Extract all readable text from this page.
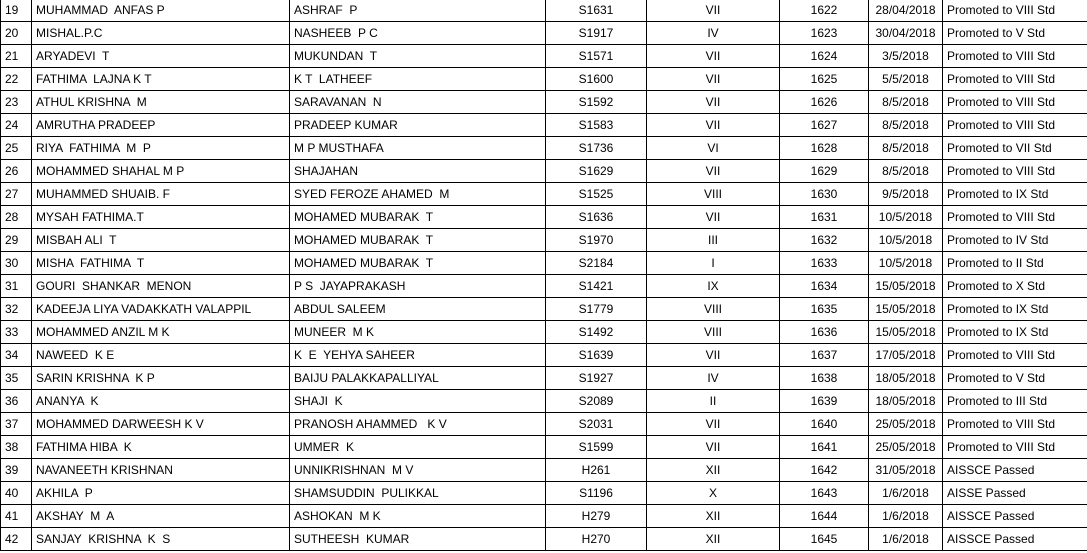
19	MUHAMMAD  ANFAS P	ASHRAF  P	S1631	VII	1622	28/04/2018	Promoted to VIII Std
20	MISHAL.P.C	NASHEEB  P C	S1917	IV	1623	30/04/2018	Promoted to V Std
21	ARYADEVI  T	MUKUNDAN  T	S1571	VII	1624	3/5/2018	Promoted to VIII Std
22	FATHIMA  LAJNA K T	K T  LATHEEF	S1600	VII	1625	5/5/2018	Promoted to VIII Std
23	ATHUL KRISHNA  M	SARAVANAN  N	S1592	VII	1626	8/5/2018	Promoted to VIII Std
24	AMRUTHA PRADEEP	PRADEEP KUMAR	S1583	VII	1627	8/5/2018	Promoted to VIII Std
25	RIYA  FATHIMA  M  P	M P MUSTHAFA	S1736	VI	1628	8/5/2018	Promoted to VII Std
26	MOHAMMED SHAHAL M P	SHAJAHAN	S1629	VII	1629	8/5/2018	Promoted to VIII Std
27	MUHAMMED SHUAIB. F	SYED FEROZE AHAMED  M	S1525	VIII	1630	9/5/2018	Promoted to IX Std
28	MYSAH FATHIMA.T	MOHAMED MUBARAK  T	S1636	VII	1631	10/5/2018	Promoted to VIII Std
29	MISBAH ALI  T	MOHAMED MUBARAK  T	S1970	III	1632	10/5/2018	Promoted to IV Std
30	MISHA  FATHIMA  T	MOHAMED MUBARAK  T	S2184	I	1633	10/5/2018	Promoted to II Std
31	GOURI  SHANKAR  MENON	P S  JAYAPRAKASH	S1421	IX	1634	15/05/2018	Promoted to X Std
32	KADEEJA LIYA VADAKKATH VALAPPIL	ABDUL SALEEM	S1779	VIII	1635	15/05/2018	Promoted to IX Std
33	MOHAMMED ANZIL M K	MUNEER  M K	S1492	VIII	1636	15/05/2018	Promoted to IX Std
34	NAWEED  K E	K  E  YEHYA SAHEER	S1639	VII	1637	17/05/2018	Promoted to VIII Std
35	SARIN KRISHNA  K P	BAIJU PALAKKAPALLIYAL	S1927	IV	1638	18/05/2018	Promoted to V Std
36	ANANYA  K	SHAJI  K	S2089	II	1639	18/05/2018	Promoted to III Std
37	MOHAMMED DARWEESH K V	PRANOSH AHAMMED   K V	S2031	VII	1640	25/05/2018	Promoted to VIII Std
38	FATHIMA HIBA  K	UMMER  K	S1599	VII	1641	25/05/2018	Promoted to VIII Std
39	NAVANEETH KRISHNAN	UNNIKRISHNAN  M V	H261	XII	1642	31/05/2018	AISSCE Passed
40	AKHILA  P	SHAMSUDDIN  PULIKKAL	S1196	X	1643	1/6/2018	AISSE Passed
41	AKSHAY  M  A	ASHOKAN  M K	H279	XII	1644	1/6/2018	AISSCE Passed
42	SANJAY  KRISHNA  K  S	SUTHEESH  KUMAR	H270	XII	1645	1/6/2018	AISSCE Passed
